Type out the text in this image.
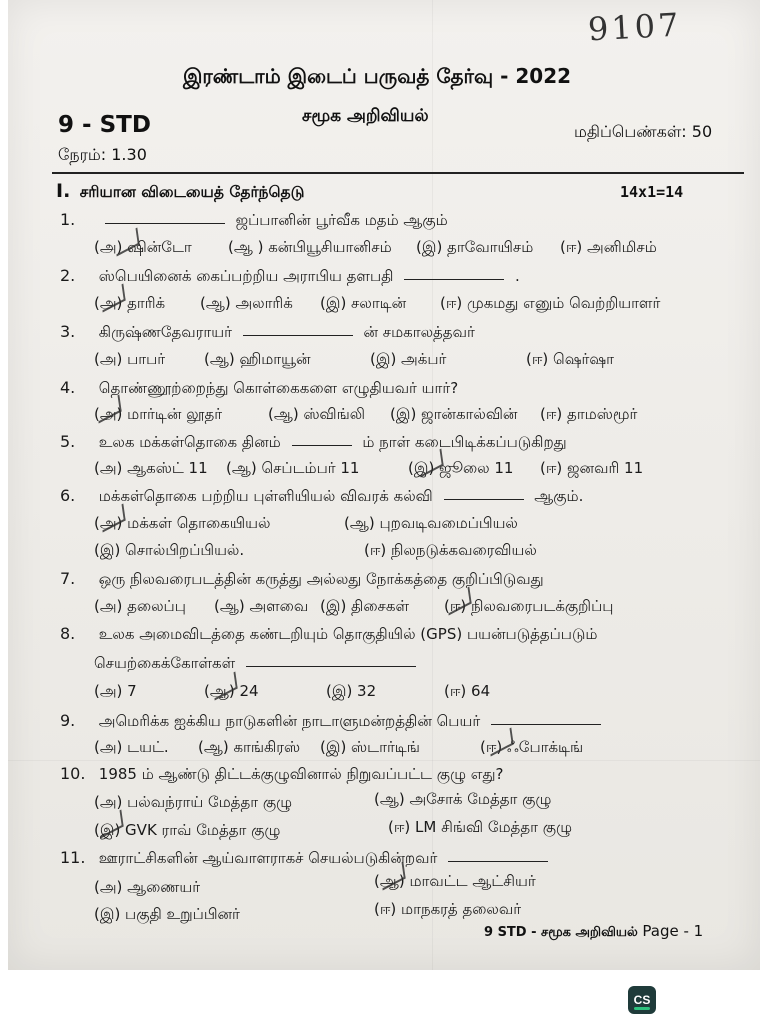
9107
இரண்டாம் இடைப் பருவத் தேர்வு - 2022
9 - STD	சமூக அறிவியல்
மதிப்பெண்கள்: 50
நேரம்: 1.30
I. சரியான விடையைத் தேர்ந்தெடு	14x1=14
1.	ஜப்பானின் பூர்வீக மதம் ஆகும்
(அ) ஷின்டோ (ஆ ) கன்பியூசியானிசம் (இ) தாவோயிசம் (ஈ) அனிமிசம்
2. ஸ்பெயினைக் கைப்பற்றிய அராபிய தளபதி	.
(அ) தாரிக் (ஆ) அலாரிக் (இ) சலாடின் (ஈ) முகமது எனும் வெற்றியாளர்
3. கிருஷ்ணதேவராயர்	ன் சமகாலத்தவர்
(அ) பாபர்	(ஆ) ஹிமாயூன்	(இ) அக்பர்	(ஈ) ஷெர்ஷா
4. தொண்ணூற்றைந்து கொள்கைகளை எழுதியவர் யார்?
(அ) மார்டின் லூதர்	(ஆ) ஸ்விங்லி (இ) ஜான்கால்வின் (ஈ) தாமஸ்மூர்
5. உலக மக்கள்தொகை தினம்	ம் நாள் கடைபிடிக்கப்படுகிறது
(அ) ஆகஸ்ட் 11 (ஆ) செப்டம்பர் 11	(இ) ஜூலை 11 (ஈ) ஜனவரி 11
6. மக்கள்தொகை பற்றிய புள்ளியியல் விவரக் கல்வி	ஆகும்.
(அ) மக்கள் தொகையியல்	(ஆ) புறவடிவமைப்பியல்
(இ) சொல்பிறப்பியல்.	(ஈ) நிலநடுக்கவரைவியல்
7. ஒரு நிலவரைபடத்தின் கருத்து அல்லது நோக்கத்தை குறிப்பிடுவது
(அ) தலைப்பு (ஆ) அளவை (இ) திசைகள் (ஈ) நிலவரைபடக்குறிப்பு
8. உலக அமைவிடத்தை கண்டறியும் தொகுதியில் (GPS) பயன்படுத்தப்படும்
செயற்கைக்கோள்கள்
(அ) 7	(ஆ) 24	(இ) 32	(ஈ) 64
9. அமெரிக்க ஐக்கிய நாடுகளின் நாடாளுமன்றத்தின் பெயர்
(அ) டயட். (ஆ) காங்கிரஸ் (இ) ஸ்டார்டிங்	(ஈ) ஃபோக்டிங்
10. 1985 ம் ஆண்டு திட்டக்குழுவினால் நிறுவப்பட்ட குழு எது?
(அ) பல்வந்ராய் மேத்தா குழு	(ஆ) அசோக் மேத்தா குழு
(இ) GVK ராவ் மேத்தா குழு	(ஈ) LM சிங்வி மேத்தா குழு
11. ஊராட்சிகளின் ஆய்வாளராகச் செயல்படுகின்றவர்
(அ) ஆணையர்	(ஆ) மாவட்ட ஆட்சியர்
(இ) பகுதி உறுப்பினர்	(ஈ) மாநகரத் தலைவர்
9 STD - சமூக அறிவியல் Page - 1
CS
